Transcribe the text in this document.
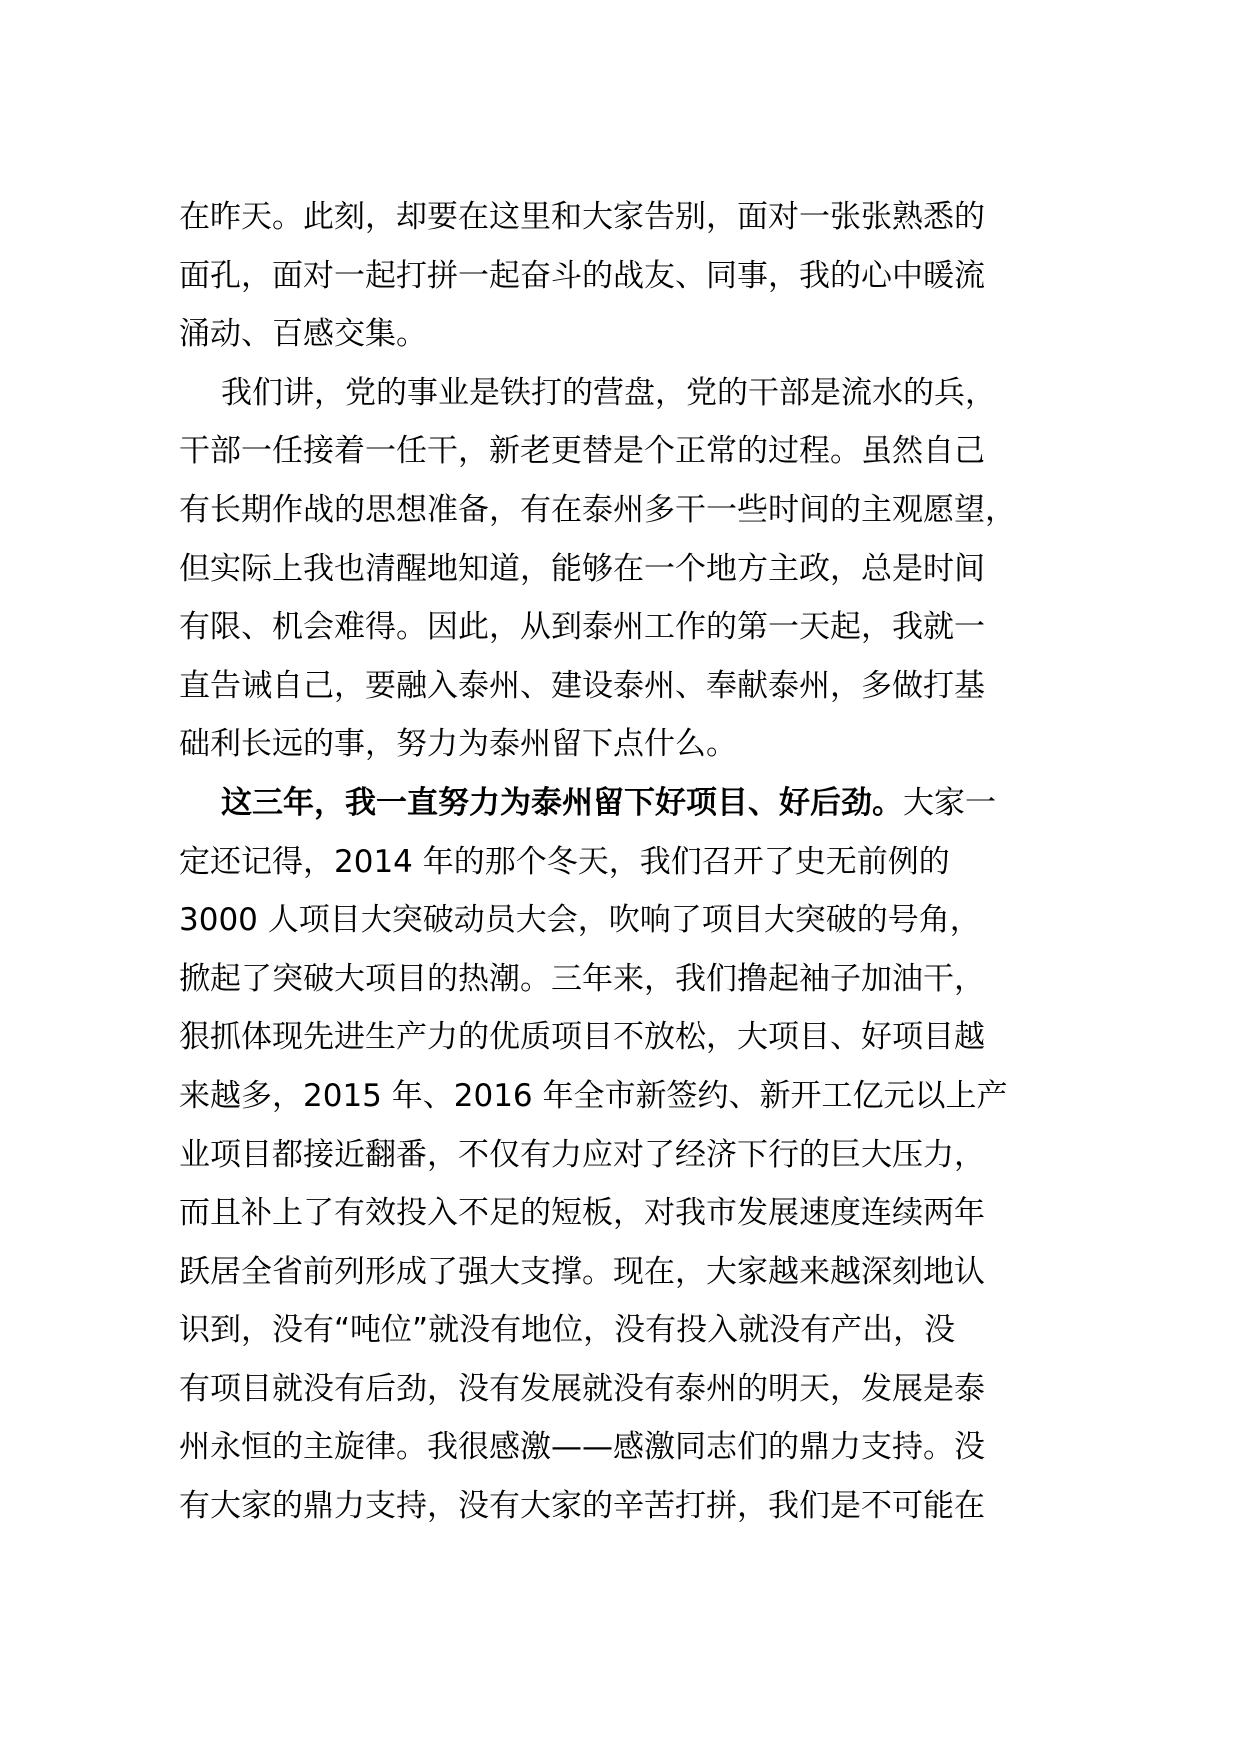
在昨天。此刻，却要在这里和大家告别，面对一张张熟悉的
面孔，面对一起打拼一起奋斗的战友、同事，我的心中暖流
涌动、百感交集。
我们讲，党的事业是铁打的营盘，党的干部是流水的兵，
干部一任接着一任干，新老更替是个正常的过程。虽然自己
有长期作战的思想准备，有在泰州多干一些时间的主观愿望，
但实际上我也清醒地知道，能够在一个地方主政，总是时间
有限、机会难得。因此，从到泰州工作的第一天起，我就一
直告诫自己，要融入泰州、建设泰州、奉献泰州，多做打基
础利长远的事，努力为泰州留下点什么。
这三年，我一直努力为泰州留下好项目、好后劲。大家一
定还记得，2014 年的那个冬天，我们召开了史无前例的
3000 人项目大突破动员大会，吹响了项目大突破的号角，
掀起了突破大项目的热潮。三年来，我们撸起袖子加油干，
狠抓体现先进生产力的优质项目不放松，大项目、好项目越
来越多，2015 年、2016 年全市新签约、新开工亿元以上产
业项目都接近翻番，不仅有力应对了经济下行的巨大压力，
而且补上了有效投入不足的短板，对我市发展速度连续两年
跃居全省前列形成了强大支撑。现在，大家越来越深刻地认
识到，没有“吨位”就没有地位，没有投入就没有产出，没
有项目就没有后劲，没有发展就没有泰州的明天，发展是泰
州永恒的主旋律。我很感激——感激同志们的鼎力支持。没
有大家的鼎力支持，没有大家的辛苦打拼，我们是不可能在
